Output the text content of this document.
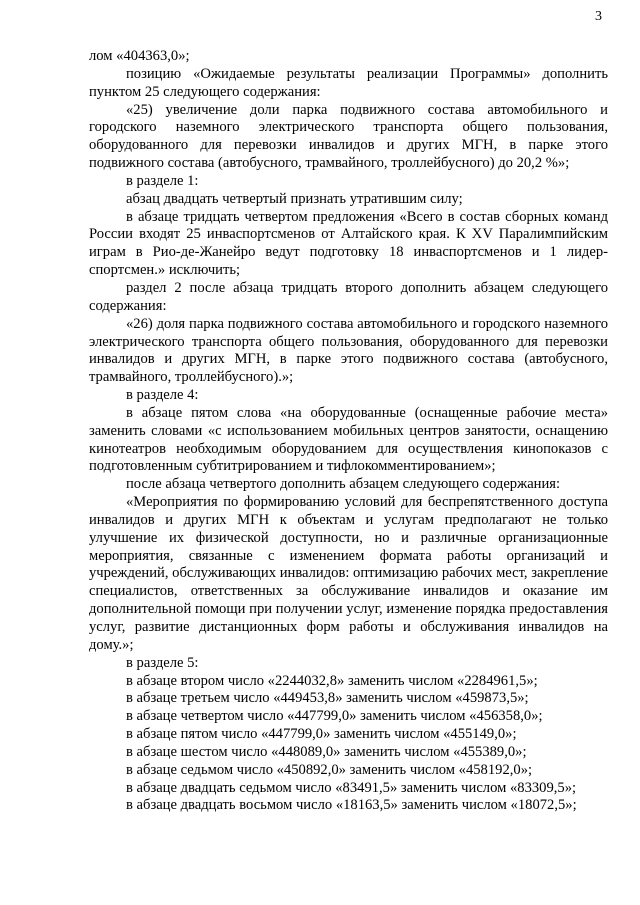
3

лом «404363,0»;

позицию «Ожидаемые результаты реализации Программы» дополнить пунктом 25 следующего содержания:

«25) увеличение доли парка подвижного состава автомобильного и городского наземного электрического транспорта общего пользования, оборудованного для перевозки инвалидов и других МГН, в парке этого подвижного состава (автобусного, трамвайного, троллейбусного) до 20,2 %»;

в разделе 1:

абзац двадцать четвертый признать утратившим силу;

в абзаце тридцать четвертом предложения «Всего в состав сборных команд России входят 25 инваспортсменов от Алтайского края. К XV Паралимпийским играм в Рио-де-Жанейро ведут подготовку 18 инваспортсменов и 1 лидер-спортсмен.» исключить;

раздел 2 после абзаца тридцать второго дополнить абзацем следующего содержания:

«26) доля парка подвижного состава автомобильного и городского наземного электрического транспорта общего пользования, оборудованного для перевозки инвалидов и других МГН, в парке этого подвижного состава (автобусного, трамвайного, троллейбусного).»;

в разделе 4:

в абзаце пятом слова «на оборудованные (оснащенные рабочие места» заменить словами «с использованием мобильных центров занятости, оснащению кинотеатров необходимым оборудованием для осуществления кинопоказов с подготовленным субтитрированием и тифлокомментированием»;

после абзаца четвертого дополнить абзацем следующего содержания:

«Мероприятия по формированию условий для беспрепятственного доступа инвалидов и других МГН к объектам и услугам предполагают не только улучшение их физической доступности, но и различные организационные мероприятия, связанные с изменением формата работы организаций и учреждений, обслуживающих инвалидов: оптимизацию рабочих мест, закрепление специалистов, ответственных за обслуживание инвалидов и оказание им дополнительной помощи при получении услуг, изменение порядка предоставления услуг, развитие дистанционных форм работы и обслуживания инвалидов на дому.»;

в разделе 5:

в абзаце втором число «2244032,8» заменить числом «2284961,5»;

в абзаце третьем число «449453,8» заменить числом «459873,5»;

в абзаце четвертом число «447799,0» заменить числом «456358,0»;

в абзаце пятом число «447799,0» заменить числом «455149,0»;

в абзаце шестом число «448089,0» заменить числом «455389,0»;

в абзаце седьмом число «450892,0» заменить числом «458192,0»;

в абзаце двадцать седьмом число «83491,5» заменить числом «83309,5»;

в абзаце двадцать восьмом число «18163,5» заменить числом «18072,5»;
